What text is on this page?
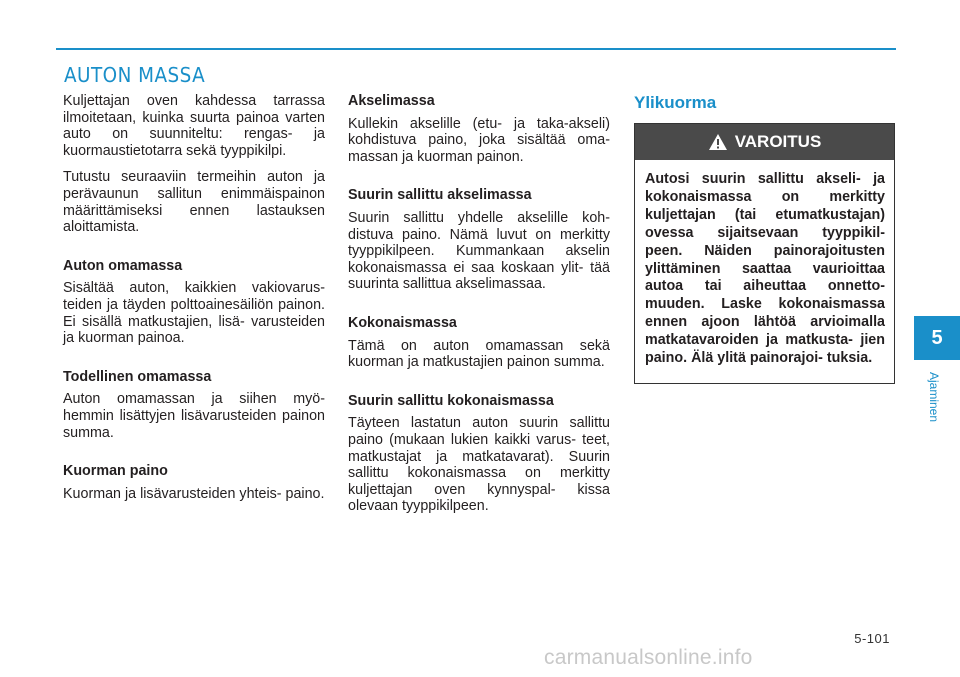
AUTON MASSA

Kuljettajan oven kahdessa tarrassa ilmoitetaan, kuinka suurta painoa varten auto on suunniteltu: rengas- ja kuormaustietotarra sekä tyyppikilpi.

Tutustu seuraaviin termeihin auton ja perävaunun sallitun enimmäispainon määrittämiseksi ennen lastauksen aloittamista.

Auton omamassa

Sisältää auton, kaikkien vakiovarus- teiden ja täyden polttoainesäiliön painon. Ei sisällä matkustajien, lisä- varusteiden ja kuorman painoa.

Todellinen omamassa

Auton omamassan ja siihen myö- hemmin lisättyjen lisävarusteiden painon summa.

Kuorman paino

Kuorman ja lisävarusteiden yhteis- paino.

Akselimassa

Kullekin akselille (etu- ja taka-akseli) kohdistuva paino, joka sisältää oma- massan ja kuorman painon.

Suurin sallittu akselimassa

Suurin sallittu yhdelle akselille koh- distuva paino. Nämä luvut on merkitty tyyppikilpeen. Kummankaan akselin kokonaismassa ei saa koskaan ylit- tää suurinta sallittua akselimassaa.

Kokonaismassa

Tämä on auton omamassan sekä kuorman ja matkustajien painon summa.

Suurin sallittu kokonaismassa

Täyteen lastatun auton suurin sallittu paino (mukaan lukien kaikki varus- teet, matkustajat ja matkatavarat). Suurin sallittu kokonaismassa on merkitty kuljettajan oven kynnyspal- kissa olevaan tyyppikilpeen.

Ylikuorma
VAROITUS

Autosi suurin sallittu akseli- ja kokonaismassa on merkitty kuljettajan (tai etumatkustajan) ovessa sijaitsevaan tyyppikil- peen. Näiden painorajoitusten ylittäminen saattaa vaurioittaa autoa tai aiheuttaa onnetto- muuden. Laske kokonaismassa ennen ajoon lähtöä arvioimalla matkatavaroiden ja matkusta- jien paino. Älä ylitä painorajoi- tuksia.

5
Ajaminen
5-101
carmanualsonline.info
